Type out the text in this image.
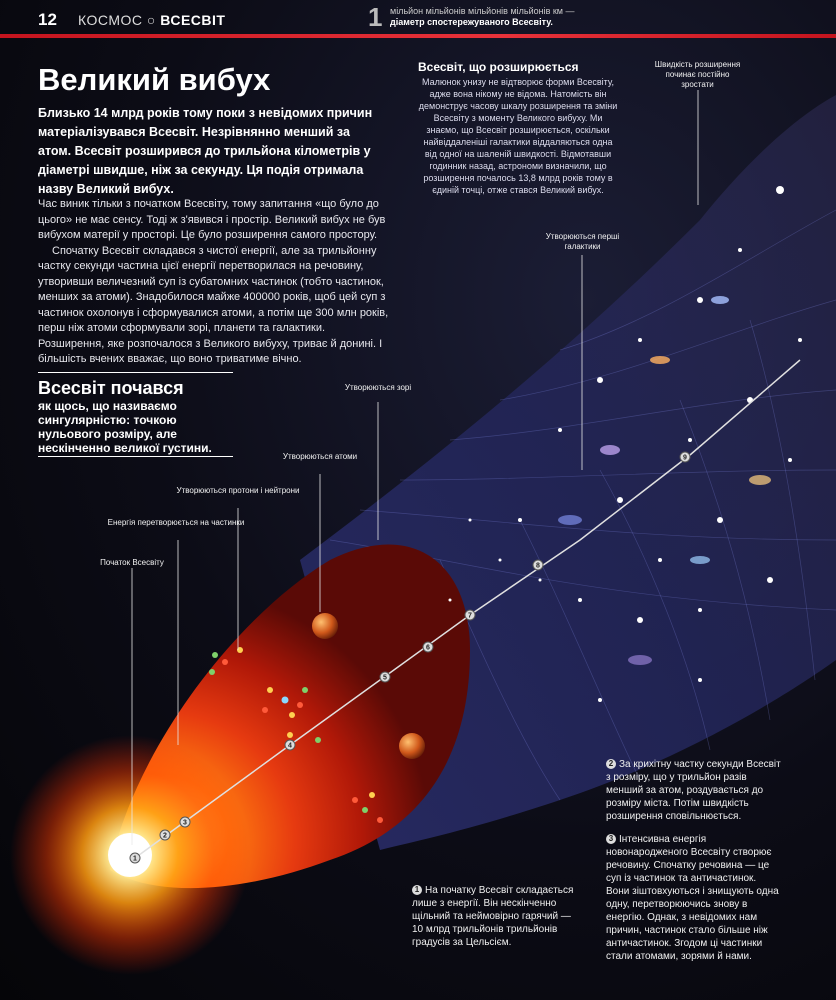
1
2
3
4
5
6
7
8
9
12 КОСМОС ○ ВСЕСВІТ	1 мільйон мільйонів мільйонів мільйонів км —
діаметр спостережуваного Всесвіту.
Великий вибух
Близько 14 млрд років тому поки з невідомих причин матеріалізувався Всесвіт. Незрівнянно менший за атом. Всесвіт розширився до трильйона кілометрів у діаметрі швидше, ніж за секунду. Ця подія отримала назву Великий вибух.

Час виник тільки з початком Всесвіту, тому запитання «що було до цього» не має сенсу. Тоді ж з'явився і простір. Великий вибух не був вибухом матерії у просторі. Це було розширення самого простору.

Спочатку Всесвіт складався з чистої енергії, але за трильйонну частку секунди частина цієї енергії перетворилася на речовину, утворивши величезний суп із субатомних частинок (тобто частинок, менших за атоми). Знадобилося майже 400000 років, щоб цей суп з частинок охолонув і сформувалися атоми, а потім ще 300 млн років, перш ніж атоми сформували зорі, планети та галактики. Розширення, яке розпочалося з Великого вибуху, триває й донині. І більшість вчених вважає, що воно триватиме вічно.

Всесвіт почався
як щось, що називаємо сингулярністю: точкою нульового розміру, але нескінченно великої густини.
Всесвіт, що розширюється
Малюнок унизу не відтворює форми Всесвіту, адже вона нікому не відома. Натомість він демонструє часову шкалу розширення та зміни Всесвіту з моменту Великого вибуху. Ми знаємо, що Всесвіт розширюється, оскільки найвіддаленіші галактики віддаляються одна від одної на шаленій швидкості. Відмотавши годинник назад, астрономи визначили, що розширення почалось 13,8 млрд років тому в єдиній точці, отже стався Великий вибух.
Швидкість розширення починає постійно зростати
Утворюються перші галактики
Утворюються зорі
Утворюються атоми
Утворюються протони і нейтрони
Енергія перетворюється на частинки
Початок Всесвіту
1 На початку Всесвіт складається лише з енергії. Він нескінченно щільний та неймовірно гарячий — 10 млрд трильйонів трильйонів градусів за Цельсієм.
2 За крихітну частку секунди Всесвіт з розміру, що у трильйон разів менший за атом, роздувається до розміру міста. Потім швидкість розширення сповільнюється.
3 Інтенсивна енергія новонародженого Всесвіту створює речовину. Спочатку речовина — це суп із частинок та античастинок. Вони зіштовхуються і знищують одна одну, перетворюючись знову в енергію. Однак, з невідомих нам причин, частинок стало більше ніж античастинок. Згодом ці частинки стали атомами, зорями й нами.
